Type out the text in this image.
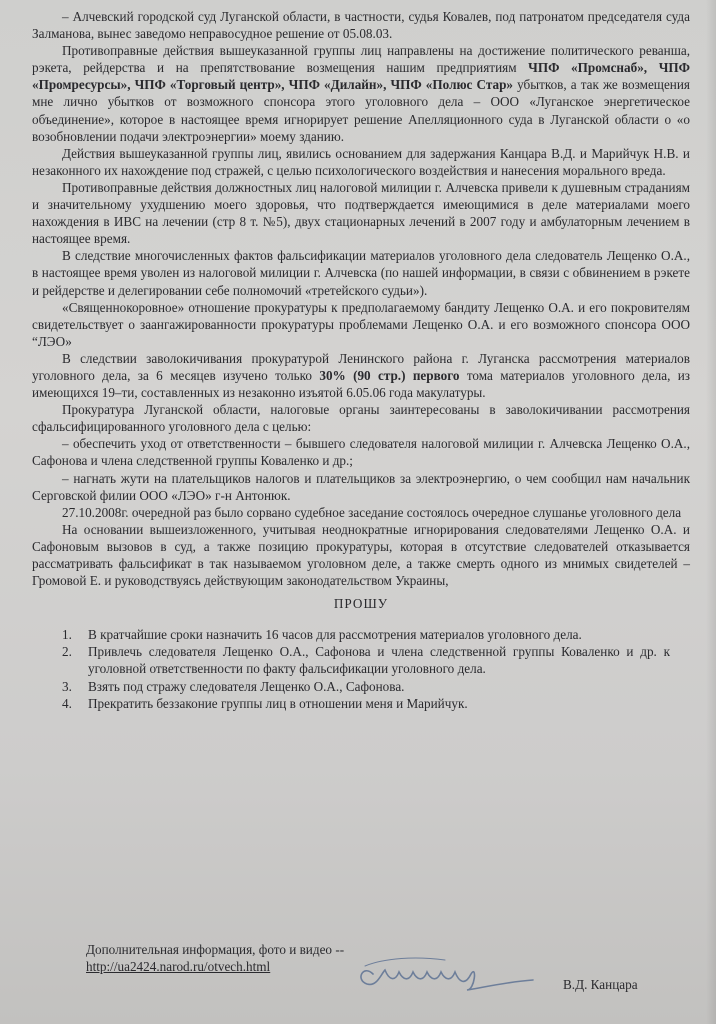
– Алчевский городской суд Луганской области, в частности, судья Ковалев, под патронатом председателя суда Залманова, вынес заведомо неправосудное решение от 05.08.03.

Противоправные действия вышеуказанной группы лиц направлены на достижение политического реванша, рэкета, рейдерства и на препятствование возмещения нашим предприятиям ЧПФ «Промснаб», ЧПФ «Промресурсы», ЧПФ «Торговый центр», ЧПФ «Дилайн», ЧПФ «Полюс Стар» убытков, а так же возмещения мне лично убытков от возможного спонсора этого уголовного дела – ООО «Луганское энергетическое объединение», которое в настоящее время игнорирует решение Апелляционного суда в Луганской области о «о возобновлении подачи электроэнергии» моему зданию.

Действия вышеуказанной группы лиц, явились основанием для задержания Канцара В.Д. и Марийчук Н.В. и незаконного их нахождение под стражей, с целью психологического воздействия и нанесения морального вреда.

Противоправные действия должностных лиц налоговой милиции г. Алчевска привели к душевным страданиям и значительному ухудшению моего здоровья, что подтверждается имеющимися в деле материалами моего нахождения в ИВС на лечении (стр 8 т. №5), двух стационарных лечений в 2007 году и амбулаторным лечением в настоящее время.

В следствие многочисленных фактов фальсификации материалов уголовного дела следователь Лещенко О.А., в настоящее время уволен из налоговой милиции г. Алчевска (по нашей информации, в связи с обвинением в рэкете и рейдерстве и делегировании себе полномочий «третейского судьи»).

«Священнокоровное» отношение прокуратуры к предполагаемому бандиту Лещенко О.А. и его покровителям свидетельствует о заангажированности прокуратуры проблемами Лещенко О.А. и его возможного спонсора ООО “ЛЭО»

В следствии заволокичивания прокуратурой Ленинского района г. Луганска рассмотрения материалов уголовного дела, за 6 месяцев изучено только 30% (90 стр.) первого тома материалов уголовного дела, из имеющихся 19–ти, составленных из незаконно изъятой 6.05.06 года макулатуры.

Прокуратура Луганской области, налоговые органы заинтересованы в заволокичивании рассмотрения сфальсифицированного уголовного дела с целью:

– обеспечить уход от ответственности – бывшего следователя налоговой милиции г. Алчевска Лещенко О.А., Сафонова и члена следственной группы Коваленко и др.;

– нагнать жути на плательщиков налогов и плательщиков за электроэнергию, о чем сообщил нам начальник Серговской филии ООО «ЛЭО» г-н Антонюк.

27.10.2008г. очередной раз было сорвано судебное заседание состоялось очередное слушанье уголовного дела

На основании вышеизложенного, учитывая неоднократные игнорирования следователями Лещенко О.А. и Сафоновым вызовов в суд, а также позицию прокуратуры, которая в отсутствие следователей отказывается рассматривать фальсификат в так называемом уголовном деле, а также смерть одного из мнимых свидетелей – Громовой Е. и руководствуясь действующим законодательством Украины,

ПРОШУ
1. В кратчайшие сроки назначить 16 часов для рассмотрения материалов уголовного дела.
2. Привлечь следователя Лещенко О.А., Сафонова и члена следственной группы Коваленко и др. к уголовной ответственности по факту фальсификации уголовного дела.
3. Взять под стражу следователя Лещенко О.А., Сафонова.
4. Прекратить беззаконие группы лиц в отношении меня и Марийчук.

Дополнительная информация, фото и видео --

http://ua2424.narod.ru/otvech.html
В.Д. Канцара
